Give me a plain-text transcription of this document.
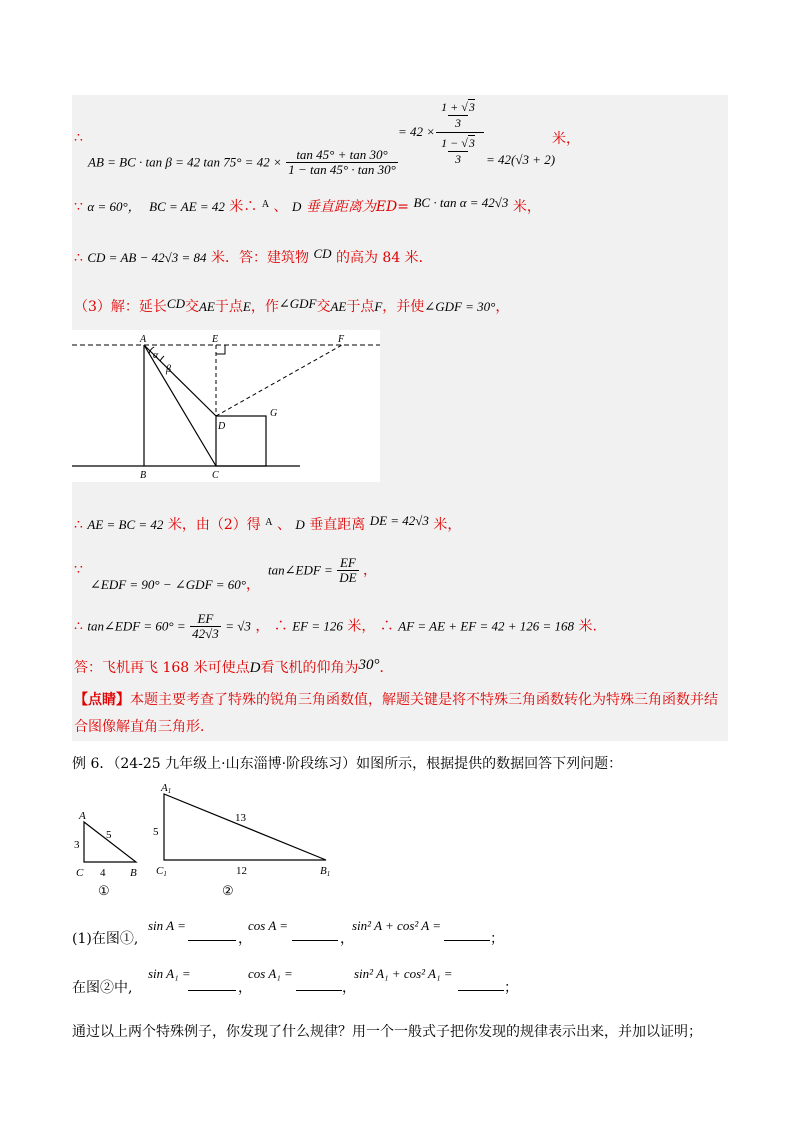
∴
AB = BC · tan β = 42 $\tan 75^\circ = 42 \times \frac{\tan 45^\circ + \tan 30^\circ}{1 - \tan 45^\circ \cdot \tan 30^\circ}$
= 42 ×
1 + √3
3
1 − √3
3	= 42(√3 + 2)
米，
∵ α = 60°， BC = AE = 42 米∴ $^A$ 、 D 垂直距离为ED= BC · tan α = 42√3 米，
∴ CD = AB − 42√3 = 84 米．答：建筑物 CD 的高为 84 米．
（3）解：延长CD交AE于点E，作∠GDF交AE于点F，并使∠GDF = 30°，
A	E	F
α
β
D
G
B	C
∴ AE = BC = 42 米，由（2）得 $^A$ 、 D 垂直距离 DE = 42√3 米，
∵
∠EDF = 90° − ∠GDF = 60°，
tan∠EDF = $\frac{EF}{DE}$ ，
∴ tan∠EDF = $60^\circ = \frac{EF}{42√3} = √3$ ， ∴ EF = 126 米， ∴ AF = AE + EF = 42 + 126 = 168 米.
答：飞机再飞 168 米可使点D看飞机的仰角为30°．
【点睛】本题主要考查了特殊的锐角三角函数值，解题关键是将不特殊三角函数转化为特殊三角函数并结
合图像解直角三角形．
例 6．（24-25 九年级上·山东淄博·阶段练习）如图所示，根据提供的数据回答下列问题：
A
3
5
C 4 B
①
A1
5
13
C1	12	B1
②
(1)在图①,
sin A =
，
cos A =
，
sin² A + cos² A =
；
在图②中,
sin A₁ =
，
cos A₁ =
，
sin² A₁ + cos² A₁ =
；
通过以上两个特殊例子，你发现了什么规律？用一个一般式子把你发现的规律表示出来，并加以证明；
